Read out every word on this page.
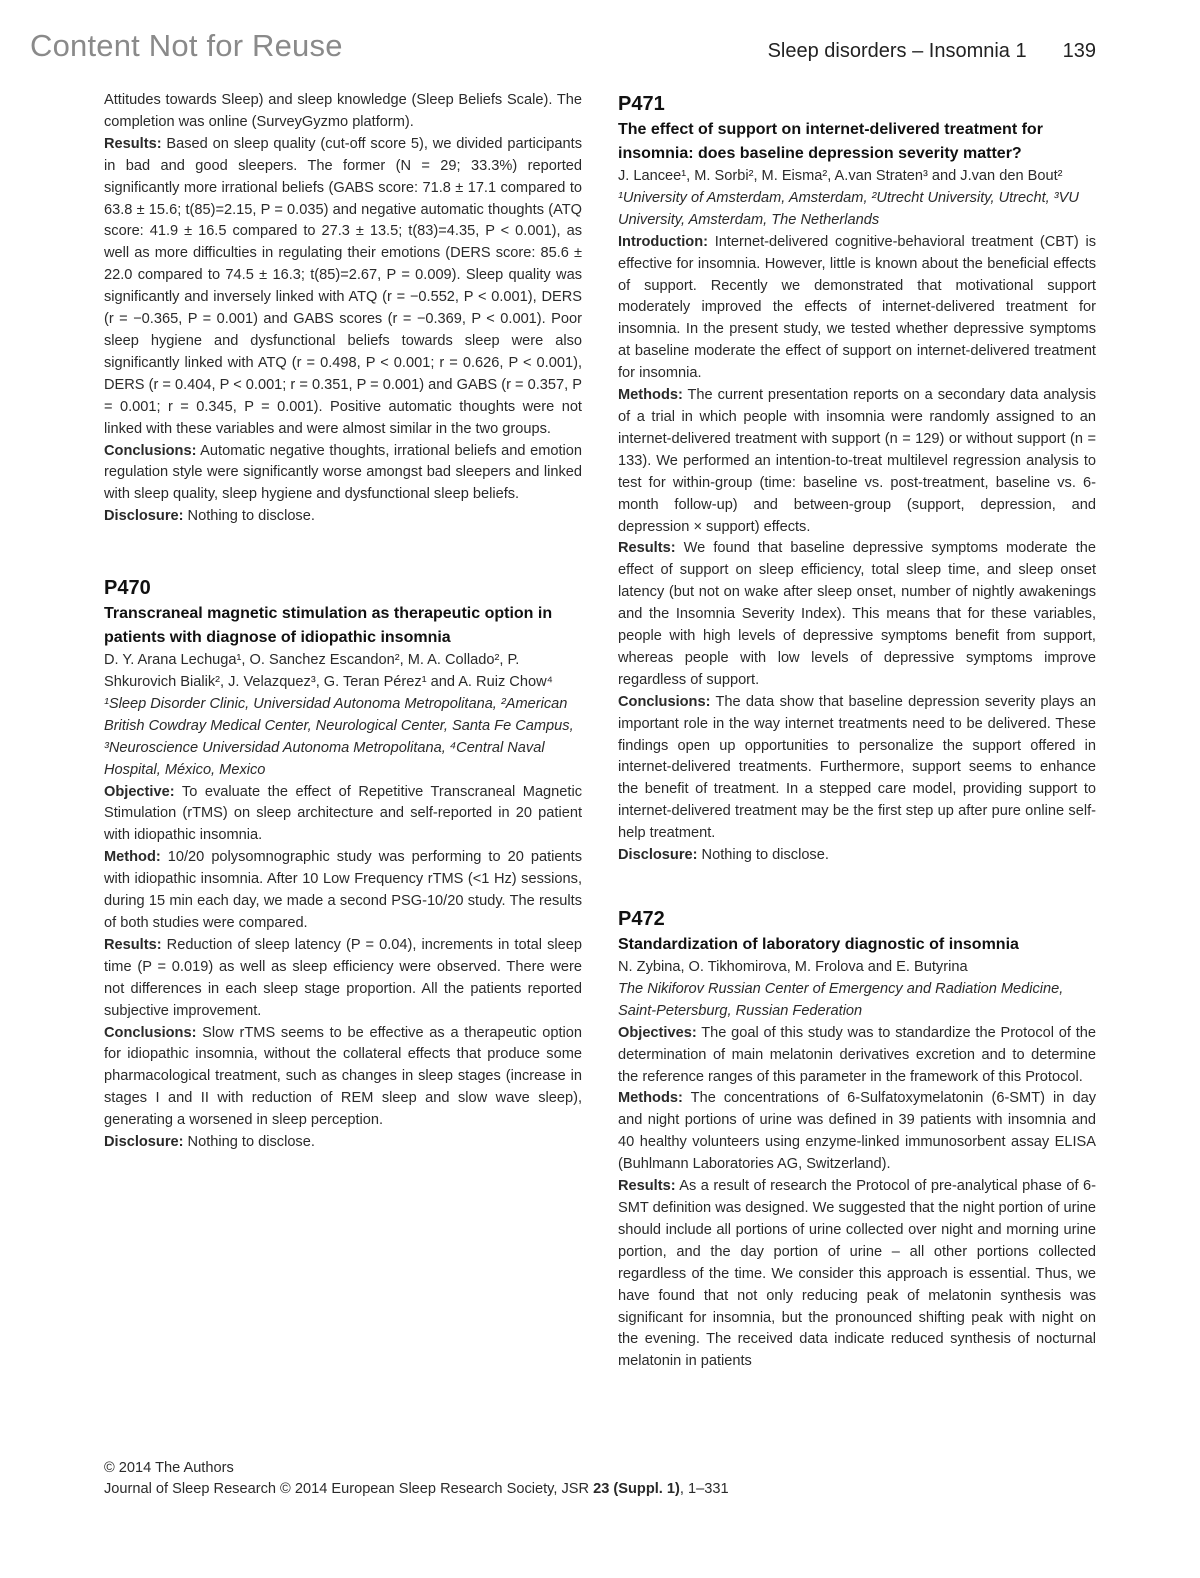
Content Not for Reuse	Sleep disorders – Insomnia 1 139

Attitudes towards Sleep) and sleep knowledge (Sleep Beliefs Scale). The completion was online (SurveyGyzmo platform).

Results: Based on sleep quality (cut-off score 5), we divided participants in bad and good sleepers. The former (N = 29; 33.3%) reported significantly more irrational beliefs (GABS score: 71.8 ± 17.1 compared to 63.8 ± 15.6; t(85)=2.15, P = 0.035) and negative automatic thoughts (ATQ score: 41.9 ± 16.5 compared to 27.3 ± 13.5; t(83)=4.35, P < 0.001), as well as more difficulties in regulating their emotions (DERS score: 85.6 ± 22.0 compared to 74.5 ± 16.3; t(85)=2.67, P = 0.009). Sleep quality was significantly and inversely linked with ATQ (r = −0.552, P < 0.001), DERS (r = −0.365, P = 0.001) and GABS scores (r = −0.369, P < 0.001). Poor sleep hygiene and dysfunctional beliefs towards sleep were also significantly linked with ATQ (r = 0.498, P < 0.001; r = 0.626, P < 0.001), DERS (r = 0.404, P < 0.001; r = 0.351, P = 0.001) and GABS (r = 0.357, P = 0.001; r = 0.345, P = 0.001). Positive automatic thoughts were not linked with these variables and were almost similar in the two groups.

Conclusions: Automatic negative thoughts, irrational beliefs and emotion regulation style were significantly worse amongst bad sleepers and linked with sleep quality, sleep hygiene and dysfunctional sleep beliefs.

Disclosure: Nothing to disclose.

P470

Transcraneal magnetic stimulation as therapeutic option in patients with diagnose of idiopathic insomnia

D. Y. Arana Lechuga¹, O. Sanchez Escandon², M. A. Collado², P. Shkurovich Bialik², J. Velazquez³, G. Teran Pérez¹ and A. Ruiz Chow⁴

¹Sleep Disorder Clinic, Universidad Autonoma Metropolitana, ²American British Cowdray Medical Center, Neurological Center, Santa Fe Campus, ³Neuroscience Universidad Autonoma Metropolitana, ⁴Central Naval Hospital, México, Mexico

Objective: To evaluate the effect of Repetitive Transcraneal Magnetic Stimulation (rTMS) on sleep architecture and self-reported in 20 patient with idiopathic insomnia.

Method: 10/20 polysomnographic study was performing to 20 patients with idiopathic insomnia. After 10 Low Frequency rTMS (<1 Hz) sessions, during 15 min each day, we made a second PSG-10/20 study. The results of both studies were compared.

Results: Reduction of sleep latency (P = 0.04), increments in total sleep time (P = 0.019) as well as sleep efficiency were observed. There were not differences in each sleep stage proportion. All the patients reported subjective improvement.

Conclusions: Slow rTMS seems to be effective as a therapeutic option for idiopathic insomnia, without the collateral effects that produce some pharmacological treatment, such as changes in sleep stages (increase in stages I and II with reduction of REM sleep and slow wave sleep), generating a worsened in sleep perception.

Disclosure: Nothing to disclose.

P471

The effect of support on internet-delivered treatment for insomnia: does baseline depression severity matter?

J. Lancee¹, M. Sorbi², M. Eisma², A.van Straten³ and J.van den Bout²

¹University of Amsterdam, Amsterdam, ²Utrecht University, Utrecht, ³VU University, Amsterdam, The Netherlands

Introduction: Internet-delivered cognitive-behavioral treatment (CBT) is effective for insomnia. However, little is known about the beneficial effects of support. Recently we demonstrated that motivational support moderately improved the effects of internet-delivered treatment for insomnia. In the present study, we tested whether depressive symptoms at baseline moderate the effect of support on internet-delivered treatment for insomnia.

Methods: The current presentation reports on a secondary data analysis of a trial in which people with insomnia were randomly assigned to an internet-delivered treatment with support (n = 129) or without support (n = 133). We performed an intention-to-treat multilevel regression analysis to test for within-group (time: baseline vs. post-treatment, baseline vs. 6-month follow-up) and between-group (support, depression, and depression × support) effects.

Results: We found that baseline depressive symptoms moderate the effect of support on sleep efficiency, total sleep time, and sleep onset latency (but not on wake after sleep onset, number of nightly awakenings and the Insomnia Severity Index). This means that for these variables, people with high levels of depressive symptoms benefit from support, whereas people with low levels of depressive symptoms improve regardless of support.

Conclusions: The data show that baseline depression severity plays an important role in the way internet treatments need to be delivered. These findings open up opportunities to personalize the support offered in internet-delivered treatments. Furthermore, support seems to enhance the benefit of treatment. In a stepped care model, providing support to internet-delivered treatment may be the first step up after pure online self-help treatment.

Disclosure: Nothing to disclose.

P472

Standardization of laboratory diagnostic of insomnia

N. Zybina, O. Tikhomirova, M. Frolova and E. Butyrina

The Nikiforov Russian Center of Emergency and Radiation Medicine, Saint-Petersburg, Russian Federation

Objectives: The goal of this study was to standardize the Protocol of the determination of main melatonin derivatives excretion and to determine the reference ranges of this parameter in the framework of this Protocol.

Methods: The concentrations of 6-Sulfatoxymelatonin (6-SMT) in day and night portions of urine was defined in 39 patients with insomnia and 40 healthy volunteers using enzyme-linked immunosorbent assay ELISA (Buhlmann Laboratories AG, Switzerland).

Results: As a result of research the Protocol of pre-analytical phase of 6-SMT definition was designed. We suggested that the night portion of urine should include all portions of urine collected over night and morning urine portion, and the day portion of urine – all other portions collected regardless of the time. We consider this approach is essential. Thus, we have found that not only reducing peak of melatonin synthesis was significant for insomnia, but the pronounced shifting peak with night on the evening. The received data indicate reduced synthesis of nocturnal melatonin in patients

© 2014 The Authors
Journal of Sleep Research © 2014 European Sleep Research Society, JSR 23 (Suppl. 1), 1–331
